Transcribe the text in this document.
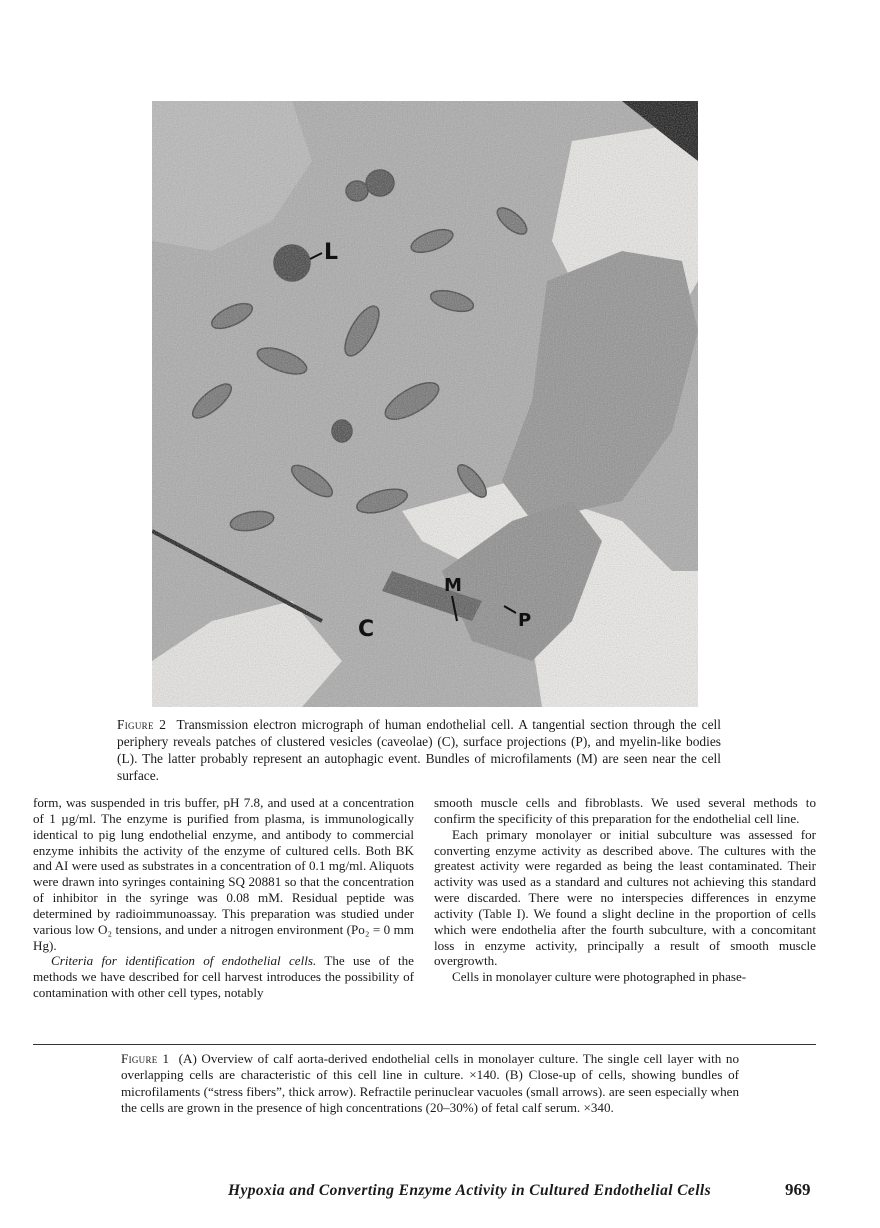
L
M
P
C
Figure 2 Transmission electron micrograph of human endothelial cell. A tangential section through the cell periphery reveals patches of clustered vesicles (caveolae) (C), surface projections (P), and myelin-like bodies (L). The latter probably represent an autophagic event. Bundles of microfilaments (M) are seen near the cell surface.

form, was suspended in tris buffer, pH 7.8, and used at a concentration of 1 µg/ml. The enzyme is purified from plasma, is immunologically identical to pig lung endothelial enzyme, and antibody to commercial enzyme inhibits the activity of the enzyme of cultured cells. Both BK and AI were used as substrates in a concentration of 0.1 mg/ml. Aliquots were drawn into syringes containing SQ 20881 so that the concentration of inhibitor in the syringe was 0.08 mM. Residual peptide was determined by radioimmunoassay. This preparation was studied under various low O₂ tensions, and under a nitrogen environment (Po₂ = 0 mm Hg).

Criteria for identification of endothelial cells. The use of the methods we have described for cell harvest introduces the possibility of contamination with other cell types, notably

smooth muscle cells and fibroblasts. We used several methods to confirm the specificity of this preparation for the endothelial cell line.

Each primary monolayer or initial subculture was assessed for converting enzyme activity as described above. The cultures with the greatest activity were regarded as being the least contaminated. Their activity was used as a standard and cultures not achieving this standard were discarded. There were no interspecies differences in enzyme activity (Table I). We found a slight decline in the proportion of cells which were endothelia after the fourth subculture, with a concomitant loss in enzyme activity, principally a result of smooth muscle overgrowth.

Cells in monolayer culture were photographed in phase-

Figure 1 (A) Overview of calf aorta-derived endothelial cells in monolayer culture. The single cell layer with no overlapping cells are characteristic of this cell line in culture. ×140. (B) Close-up of cells, showing bundles of microfilaments (“stress fibers”, thick arrow). Refractile perinuclear vacuoles (small arrows). are seen especially when the cells are grown in the presence of high concentrations (20–30%) of fetal calf serum. ×340.
Hypoxia and Converting Enzyme Activity in Cultured Endothelial Cells	969
